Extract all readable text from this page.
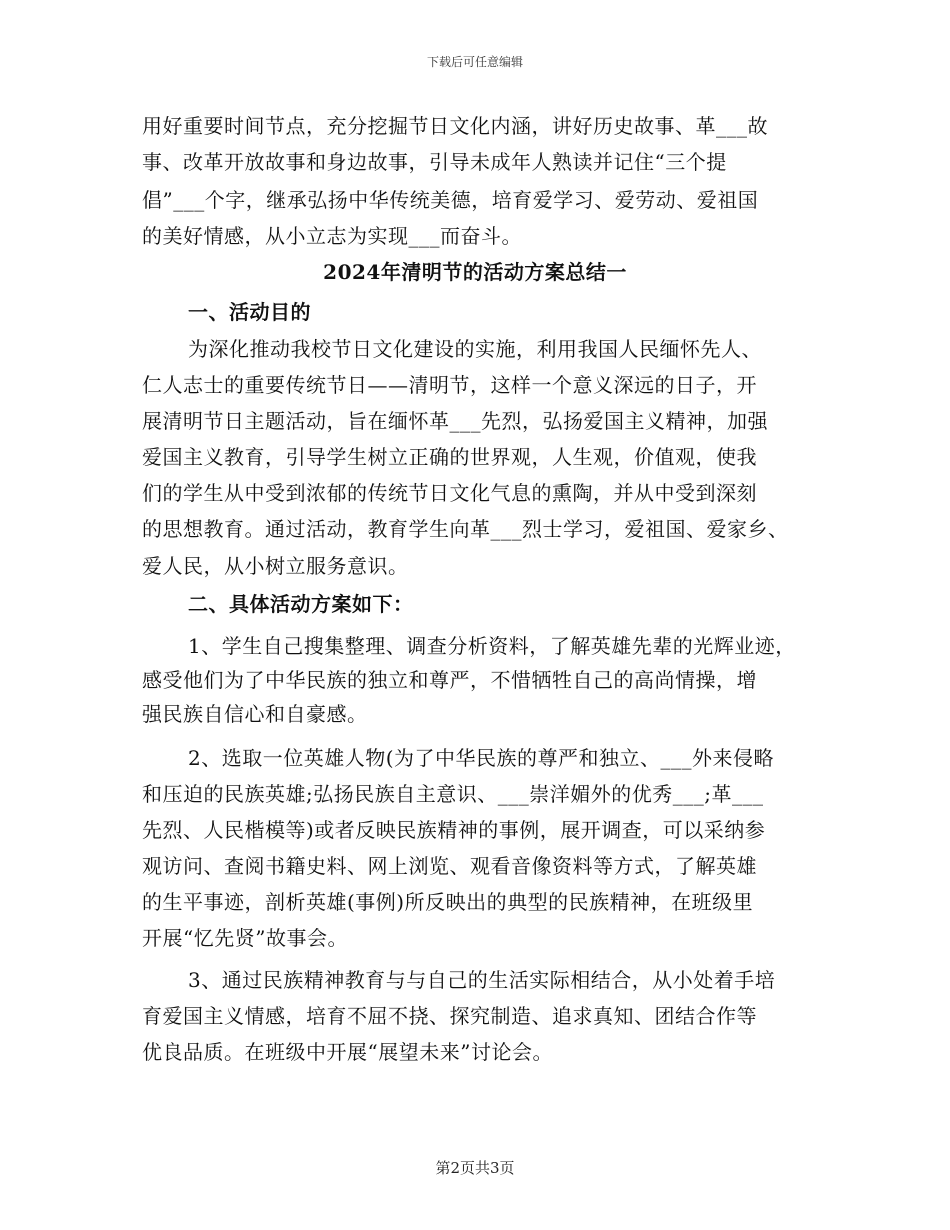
下载后可任意编辑
用好重要时间节点，充分挖掘节日文化内涵，讲好历史故事、革___故
事、改革开放故事和身边故事，引导未成年人熟读并记住“三个提
倡”___个字，继承弘扬中华传统美德，培育爱学习、爱劳动、爱祖国
的美好情感，从小立志为实现___而奋斗。
2024年清明节的活动方案总结一
一、活动目的
为深化推动我校节日文化建设的实施，利用我国人民缅怀先人、
仁人志士的重要传统节日——清明节，这样一个意义深远的日子，开
展清明节日主题活动，旨在缅怀革___先烈，弘扬爱国主义精神，加强
爱国主义教育，引导学生树立正确的世界观，人生观，价值观，使我
们的学生从中受到浓郁的传统节日文化气息的熏陶，并从中受到深刻
的思想教育。通过活动，教育学生向革___烈士学习，爱祖国、爱家乡、
爱人民，从小树立服务意识。
二、具体活动方案如下：
1、学生自己搜集整理、调查分析资料，了解英雄先辈的光辉业迹，
感受他们为了中华民族的独立和尊严，不惜牺牲自己的高尚情操，增
强民族自信心和自豪感。
2、选取一位英雄人物(为了中华民族的尊严和独立、___外来侵略
和压迫的民族英雄;弘扬民族自主意识、___崇洋媚外的优秀___;革___
先烈、人民楷模等)或者反映民族精神的事例，展开调查，可以采纳参
观访问、查阅书籍史料、网上浏览、观看音像资料等方式，了解英雄
的生平事迹，剖析英雄(事例)所反映出的典型的民族精神，在班级里
开展“忆先贤”故事会。
3、通过民族精神教育与与自己的生活实际相结合，从小处着手培
育爱国主义情感，培育不屈不挠、探究制造、追求真知、团结合作等
优良品质。在班级中开展“展望未来”讨论会。
第2页共3页
